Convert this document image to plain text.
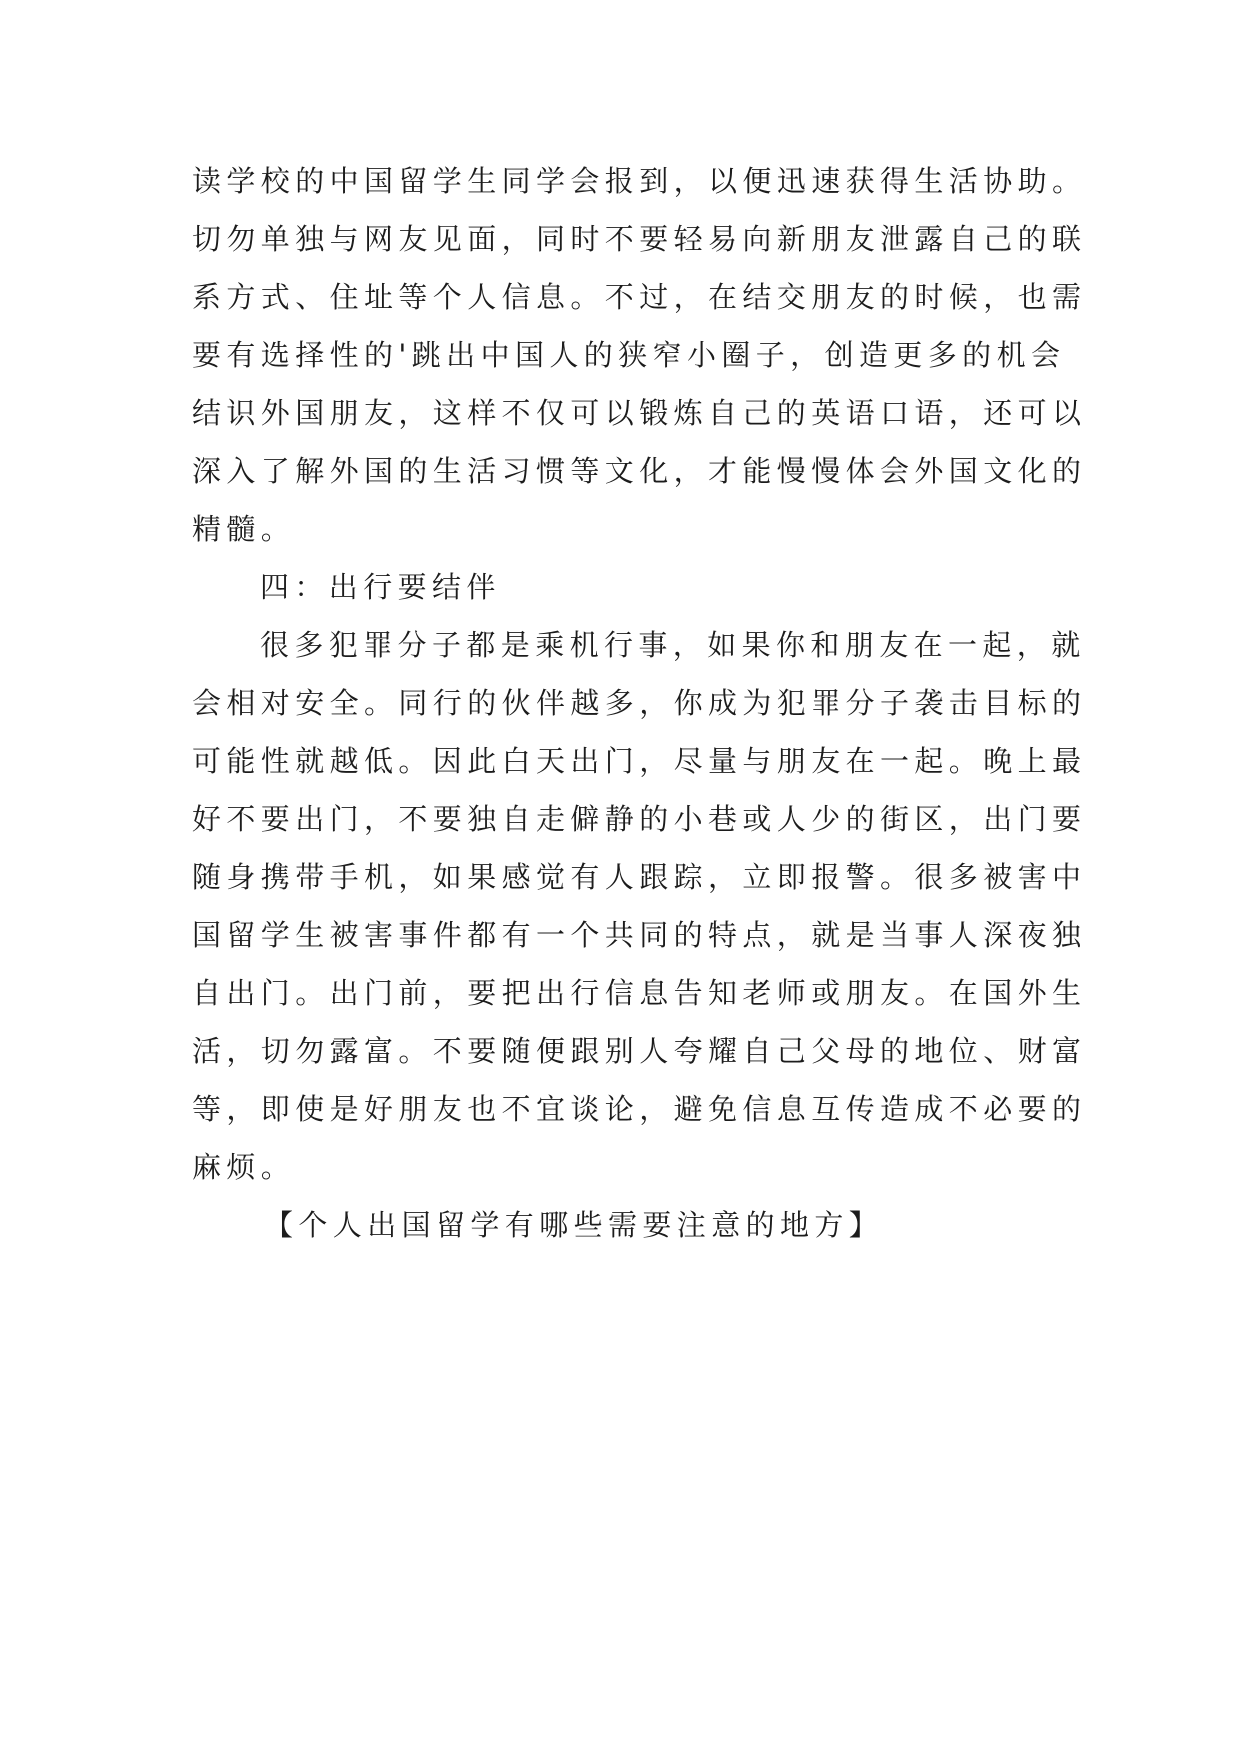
读学校的中国留学生同学会报到，以便迅速获得生活协助。
切勿单独与网友见面，同时不要轻易向新朋友泄露自己的联
系方式、住址等个人信息。不过，在结交朋友的时候，也需
要有选择性的'跳出中国人的狭窄小圈子，创造更多的机会
结识外国朋友，这样不仅可以锻炼自己的英语口语，还可以
深入了解外国的生活习惯等文化，才能慢慢体会外国文化的
精髓。
四：出行要结伴
很多犯罪分子都是乘机行事，如果你和朋友在一起，就
会相对安全。同行的伙伴越多，你成为犯罪分子袭击目标的
可能性就越低。因此白天出门，尽量与朋友在一起。晚上最
好不要出门，不要独自走僻静的小巷或人少的街区，出门要
随身携带手机，如果感觉有人跟踪，立即报警。很多被害中
国留学生被害事件都有一个共同的特点，就是当事人深夜独
自出门。出门前，要把出行信息告知老师或朋友。在国外生
活，切勿露富。不要随便跟别人夸耀自己父母的地位、财富
等，即使是好朋友也不宜谈论，避免信息互传造成不必要的
麻烦。
【个人出国留学有哪些需要注意的地方】
